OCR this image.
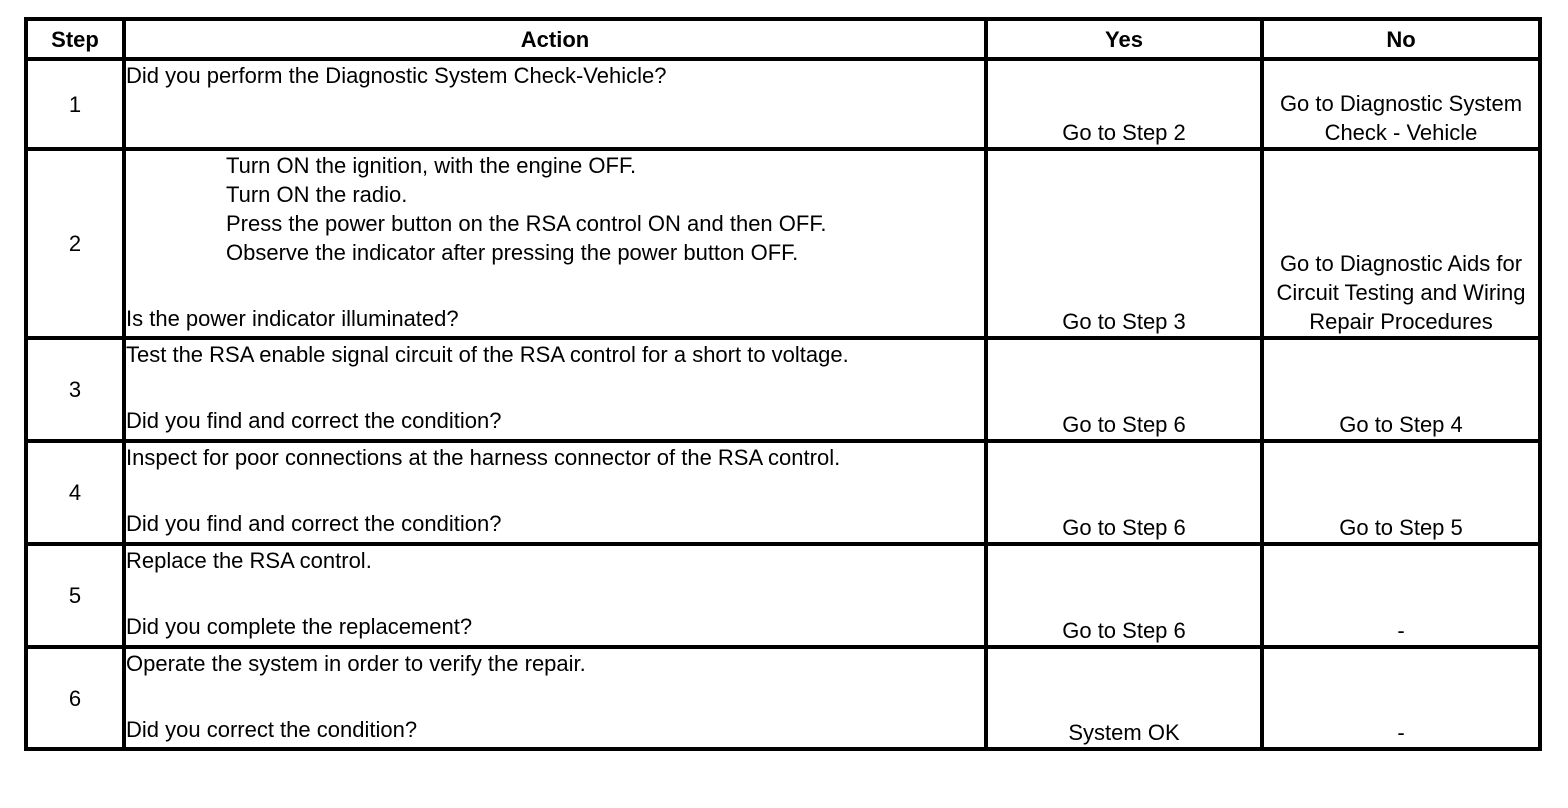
Step	Action	Yes	No
1	Did you perform the Diagnostic System Check-Vehicle?	Go to Step 2	Go to Diagnostic System Check - Vehicle
2	Turn ON the ignition, with the engine OFF.
Turn ON the radio.
Press the power button on the RSA control ON and then OFF.
Observe the indicator after pressing the power button OFF.
Is the power indicator illuminated?	Go to Step 3	Go to Diagnostic Aids for Circuit Testing and Wiring Repair Procedures
3	Test the RSA enable signal circuit of the RSA control for a short to voltage.
Did you find and correct the condition?	Go to Step 6	Go to Step 4
4	Inspect for poor connections at the harness connector of the RSA control.
Did you find and correct the condition?	Go to Step 6	Go to Step 5
5	Replace the RSA control.
Did you complete the replacement?	Go to Step 6	-
6	Operate the system in order to verify the repair.
Did you correct the condition?	System OK	-
